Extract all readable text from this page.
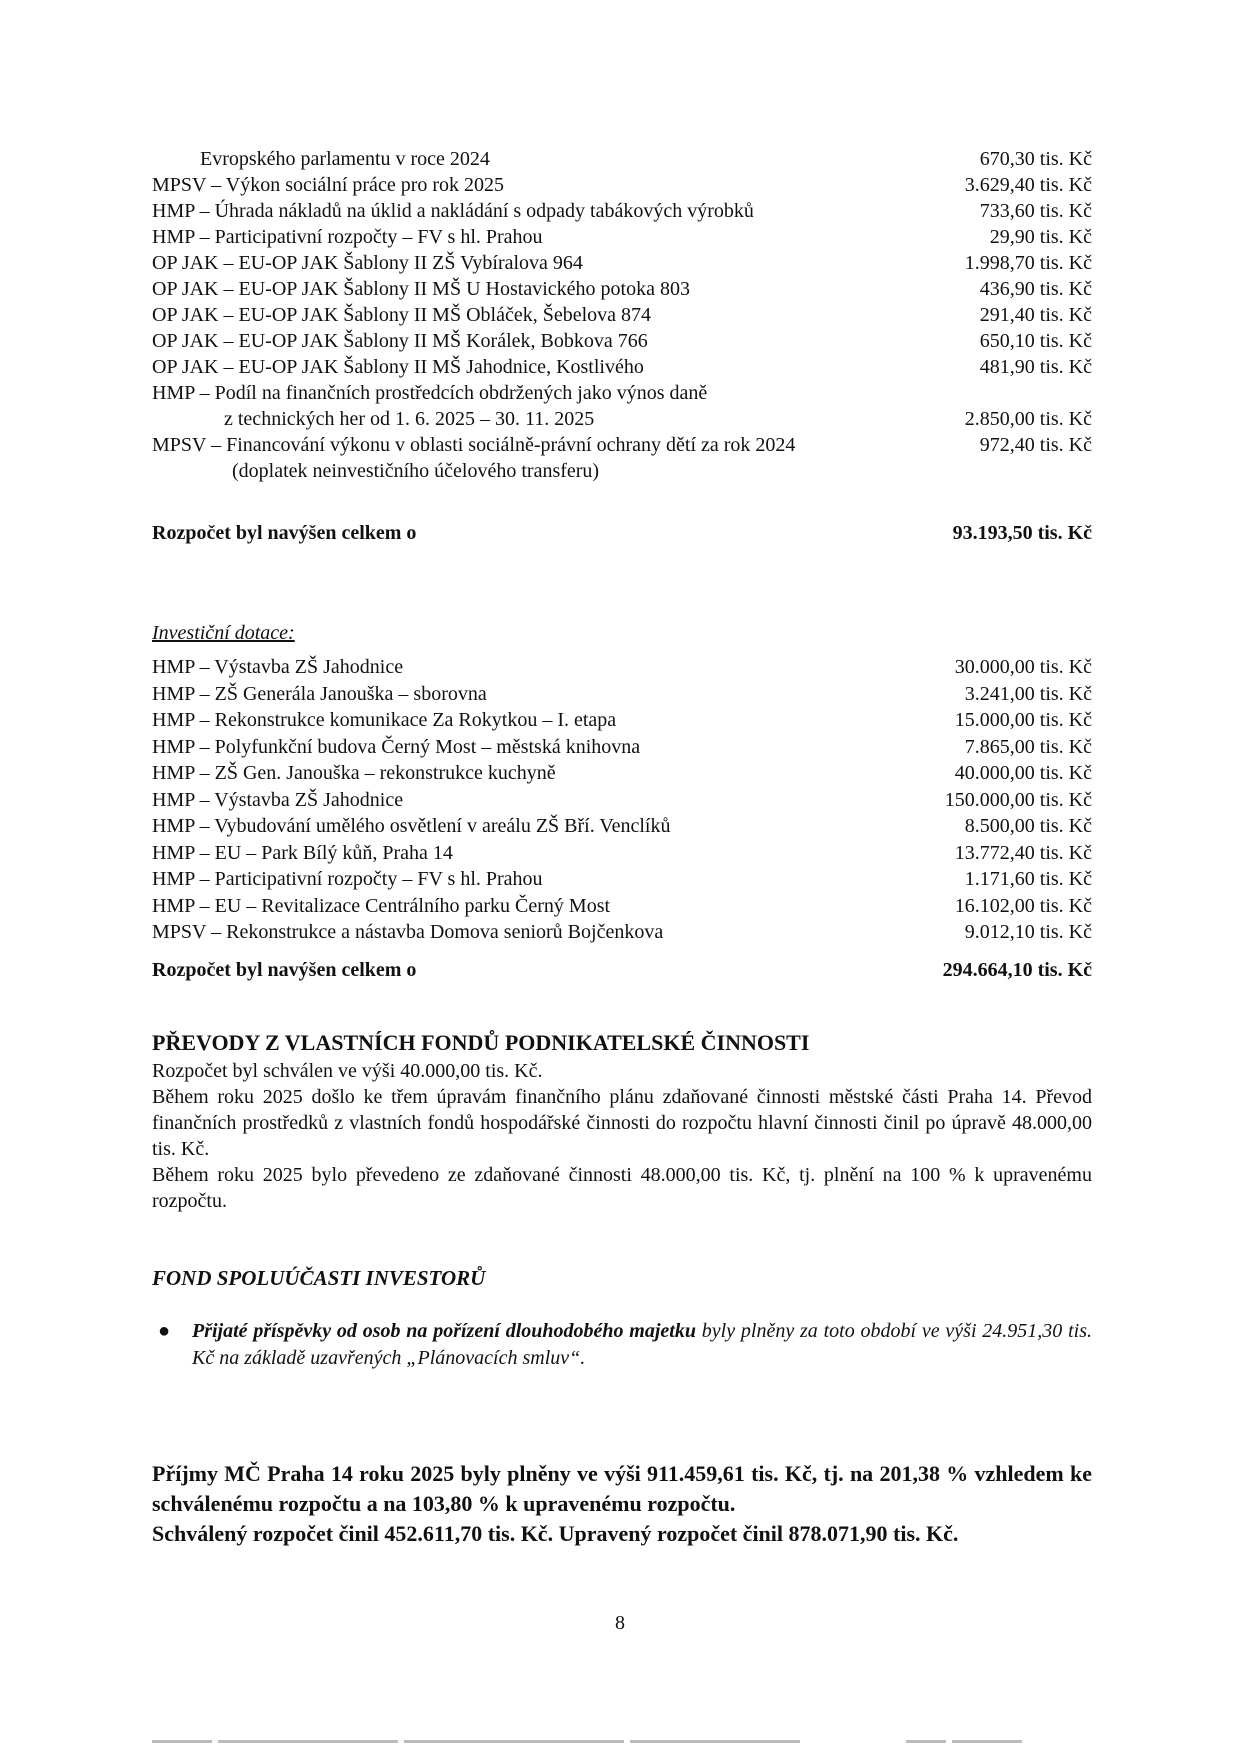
Evropského parlamentu v roce 2024	670,30 tis. Kč
MPSV – Výkon sociální práce pro rok 2025	3.629,40 tis. Kč
HMP – Úhrada nákladů na úklid a nakládání s odpady tabákových výrobků	733,60 tis. Kč
HMP – Participativní rozpočty – FV s hl. Prahou	29,90 tis. Kč
OP JAK – EU-OP JAK Šablony II ZŠ Vybíralova 964	1.998,70 tis. Kč
OP JAK – EU-OP JAK Šablony II MŠ U Hostavického potoka 803	436,90 tis. Kč
OP JAK – EU-OP JAK Šablony II MŠ Obláček, Šebelova 874	291,40 tis. Kč
OP JAK – EU-OP JAK Šablony II MŠ Korálek, Bobkova 766	650,10 tis. Kč
OP JAK – EU-OP JAK Šablony II MŠ Jahodnice, Kostlivého	481,90 tis. Kč
HMP – Podíl na finančních prostředcích obdržených jako výnos daně
z technických her od 1. 6. 2025 – 30. 11. 2025	2.850,00 tis. Kč
MPSV – Financování výkonu v oblasti sociálně-právní ochrany dětí za rok 2024	972,40 tis. Kč
(doplatek neinvestičního účelového transferu)
Rozpočet byl navýšen celkem o	93.193,50 tis. Kč
Investiční dotace:
HMP – Výstavba ZŠ Jahodnice	30.000,00 tis. Kč
HMP – ZŠ Generála Janouška – sborovna	3.241,00 tis. Kč
HMP – Rekonstrukce komunikace Za Rokytkou – I. etapa	15.000,00 tis. Kč
HMP – Polyfunkční budova Černý Most – městská knihovna	7.865,00 tis. Kč
HMP – ZŠ Gen. Janouška – rekonstrukce kuchyně	40.000,00 tis. Kč
HMP – Výstavba ZŠ Jahodnice	150.000,00 tis. Kč
HMP – Vybudování umělého osvětlení v areálu ZŠ Bří. Venclíků	8.500,00 tis. Kč
HMP – EU – Park Bílý kůň, Praha 14	13.772,40 tis. Kč
HMP – Participativní rozpočty – FV s hl. Prahou	1.171,60 tis. Kč
HMP – EU – Revitalizace Centrálního parku Černý Most	16.102,00 tis. Kč
MPSV – Rekonstrukce a nástavba Domova seniorů Bojčenkova	9.012,10 tis. Kč
Rozpočet byl navýšen celkem o	294.664,10 tis. Kč
PŘEVODY Z VLASTNÍCH FONDŮ PODNIKATELSKÉ ČINNOSTI

Rozpočet byl schválen ve výši 40.000,00 tis. Kč.

Během roku 2025 došlo ke třem úpravám finančního plánu zdaňované činnosti městské části Praha 14. Převod finančních prostředků z vlastních fondů hospodářské činnosti do rozpočtu hlavní činnosti činil po úpravě 48.000,00 tis. Kč.

Během roku 2025 bylo převedeno ze zdaňované činnosti 48.000,00 tis. Kč, tj. plnění na 100 % k upravenému rozpočtu.

FOND SPOLUÚČASTI INVESTORŮ
● Přijaté příspěvky od osob na pořízení dlouhodobého majetku byly plněny za toto období ve výši 24.951,30 tis. Kč na základě uzavřených „Plánovacích smluv“.

Příjmy MČ Praha 14 roku 2025 byly plněny ve výši 911.459,61 tis. Kč, tj. na 201,38 % vzhledem ke schválenému rozpočtu a na 103,80 % k upravenému rozpočtu.

Schválený rozpočet činil 452.611,70 tis. Kč. Upravený rozpočet činil 878.071,90 tis. Kč.

8
